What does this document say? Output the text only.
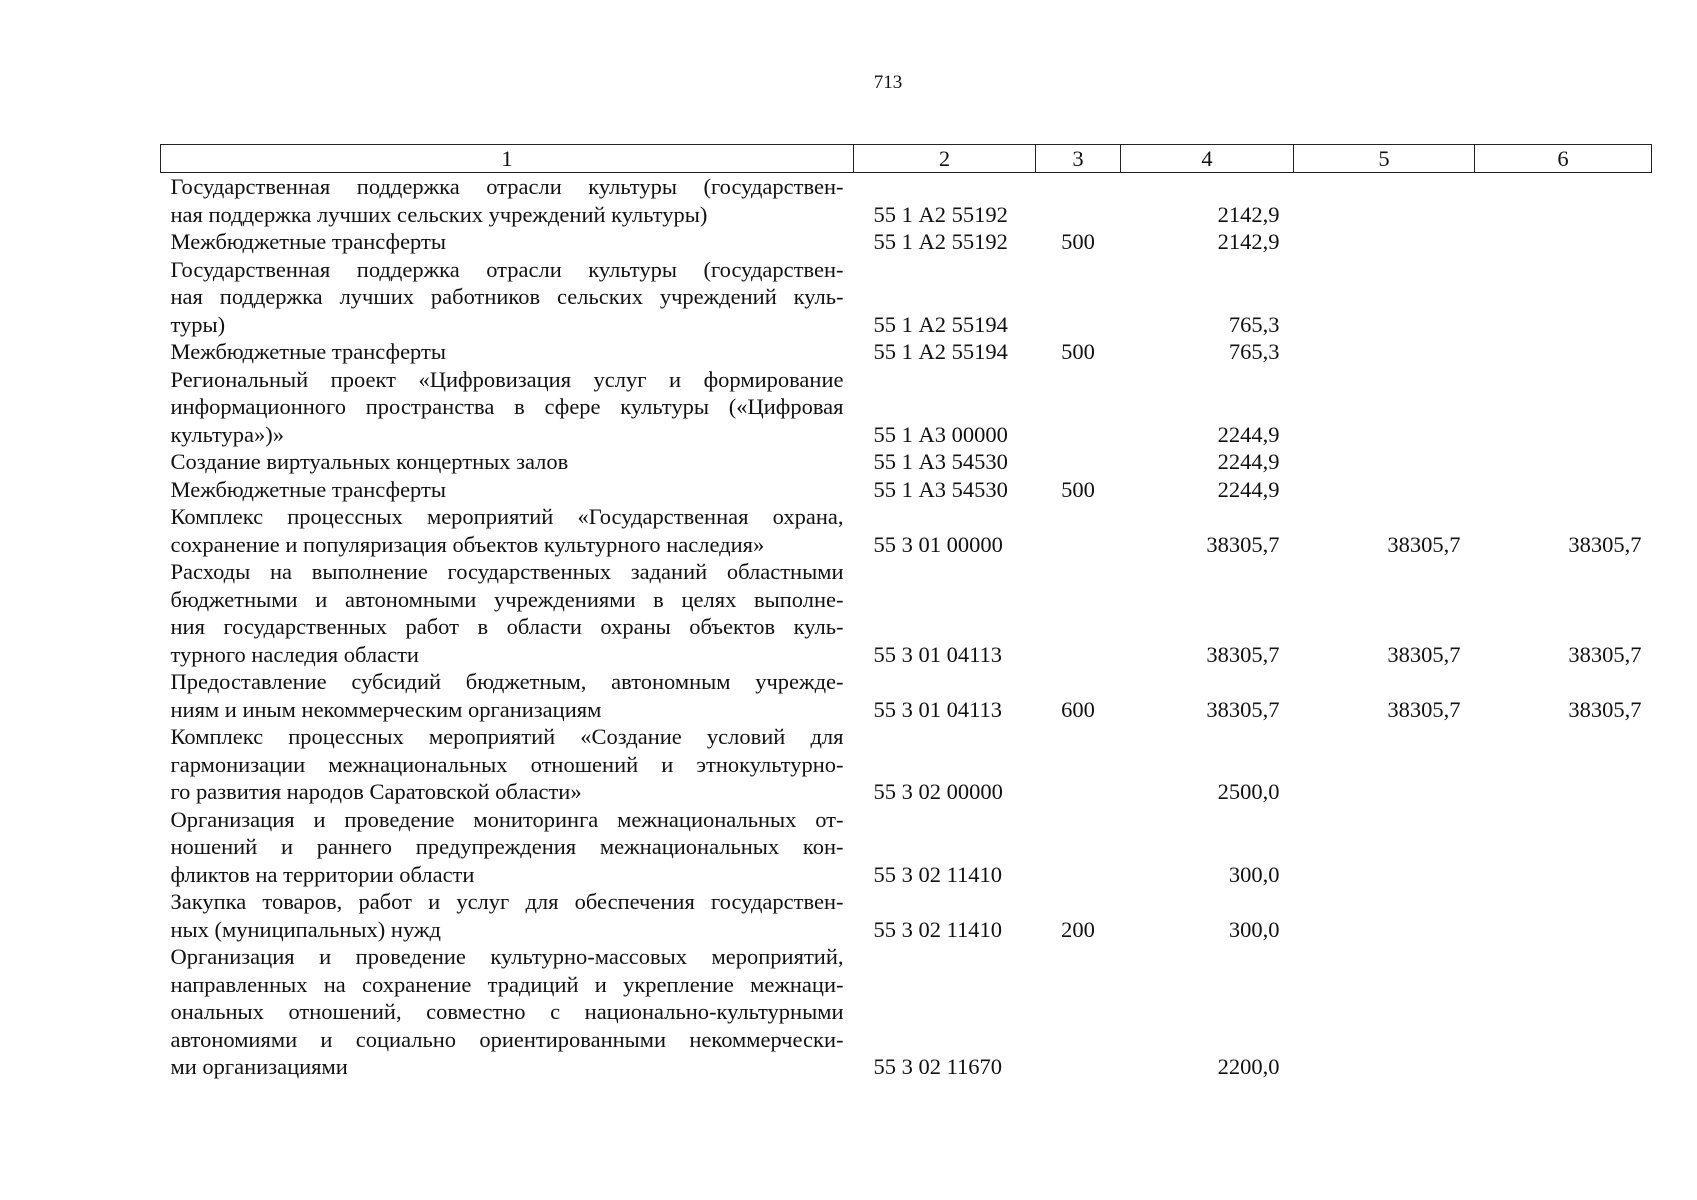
713
1	2	3	4	5	6

Государственная поддержка отрасли культуры (государствен-
ная поддержка лучших сельских учреждений культуры)	55 1 А2 55192		2142,9		

Межбюджетные трансферты	55 1 А2 55192	500	2142,9		

Государственная поддержка отрасли культуры (государствен-
ная поддержка лучших работников сельских учреждений куль-
туры)	55 1 А2 55194		765,3		

Межбюджетные трансферты	55 1 А2 55194	500	765,3		

Региональный проект «Цифровизация услуг и формирование
информационного пространства в сфере культуры («Цифровая
культура»)»	55 1 А3 00000		2244,9		

Создание виртуальных концертных залов	55 1 А3 54530		2244,9		

Межбюджетные трансферты	55 1 А3 54530	500	2244,9		

Комплекс процессных мероприятий «Государственная охрана,
сохранение и популяризация объектов культурного наследия»	55 3 01 00000		38305,7	38305,7	38305,7

Расходы на выполнение государственных заданий областными
бюджетными и автономными учреждениями в целях выполне-
ния государственных работ в области охраны объектов куль-
турного наследия области	55 3 01 04113		38305,7	38305,7	38305,7

Предоставление субсидий бюджетным, автономным учрежде-
ниям и иным некоммерческим организациям	55 3 01 04113	600	38305,7	38305,7	38305,7

Комплекс процессных мероприятий «Создание условий для
гармонизации межнациональных отношений и этнокультурно-
го развития народов Саратовской области»	55 3 02 00000		2500,0		

Организация и проведение мониторинга межнациональных от-
ношений и раннего предупреждения межнациональных кон-
фликтов на территории области	55 3 02 11410		300,0		

Закупка товаров, работ и услуг для обеспечения государствен-
ных (муниципальных) нужд	55 3 02 11410	200	300,0		

Организация и проведение культурно-массовых мероприятий,
направленных на сохранение традиций и укрепление межнаци-
ональных отношений, совместно с национально-культурными
автономиями и социально ориентированными некоммерчески-
ми организациями	55 3 02 11670		2200,0		
